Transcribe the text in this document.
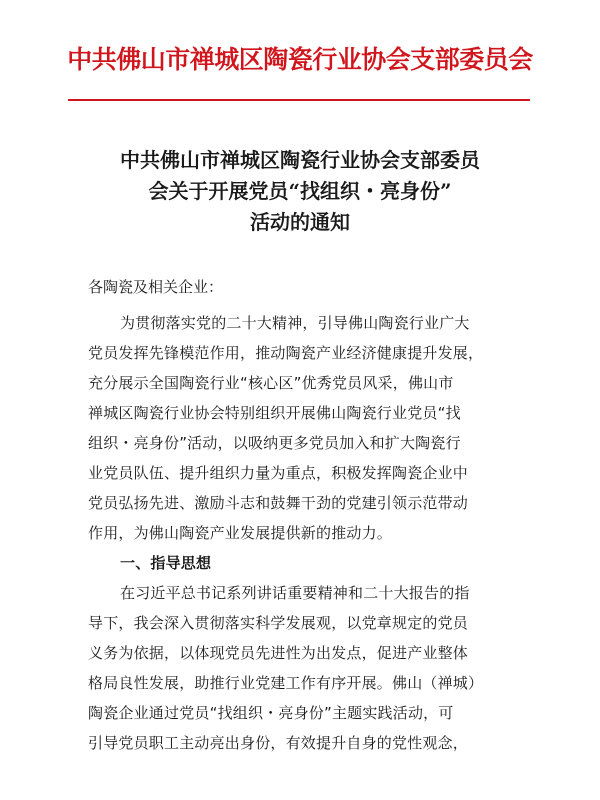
中共佛山市禅城区陶瓷行业协会支部委员会
中共佛山市禅城区陶瓷行业协会支部委员
会关于开展党员“找组织・亮身份”
活动的通知
各陶瓷及相关企业：
为贯彻落实党的二十大精神，引导佛山陶瓷行业广大
党员发挥先锋模范作用，推动陶瓷产业经济健康提升发展，
充分展示全国陶瓷行业“核心区”优秀党员风采，佛山市
禅城区陶瓷行业协会特别组织开展佛山陶瓷行业党员“找
组织・亮身份”活动，以吸纳更多党员加入和扩大陶瓷行
业党员队伍、提升组织力量为重点，积极发挥陶瓷企业中
党员弘扬先进、激励斗志和鼓舞干劲的党建引领示范带动
作用，为佛山陶瓷产业发展提供新的推动力。
一、指导思想
在习近平总书记系列讲话重要精神和二十大报告的指
导下，我会深入贯彻落实科学发展观，以党章规定的党员
义务为依据，以体现党员先进性为出发点，促进产业整体
格局良性发展，助推行业党建工作有序开展。佛山（禅城）
陶瓷企业通过党员“找组织・亮身份”主题实践活动，可
引导党员职工主动亮出身份，有效提升自身的党性观念，
